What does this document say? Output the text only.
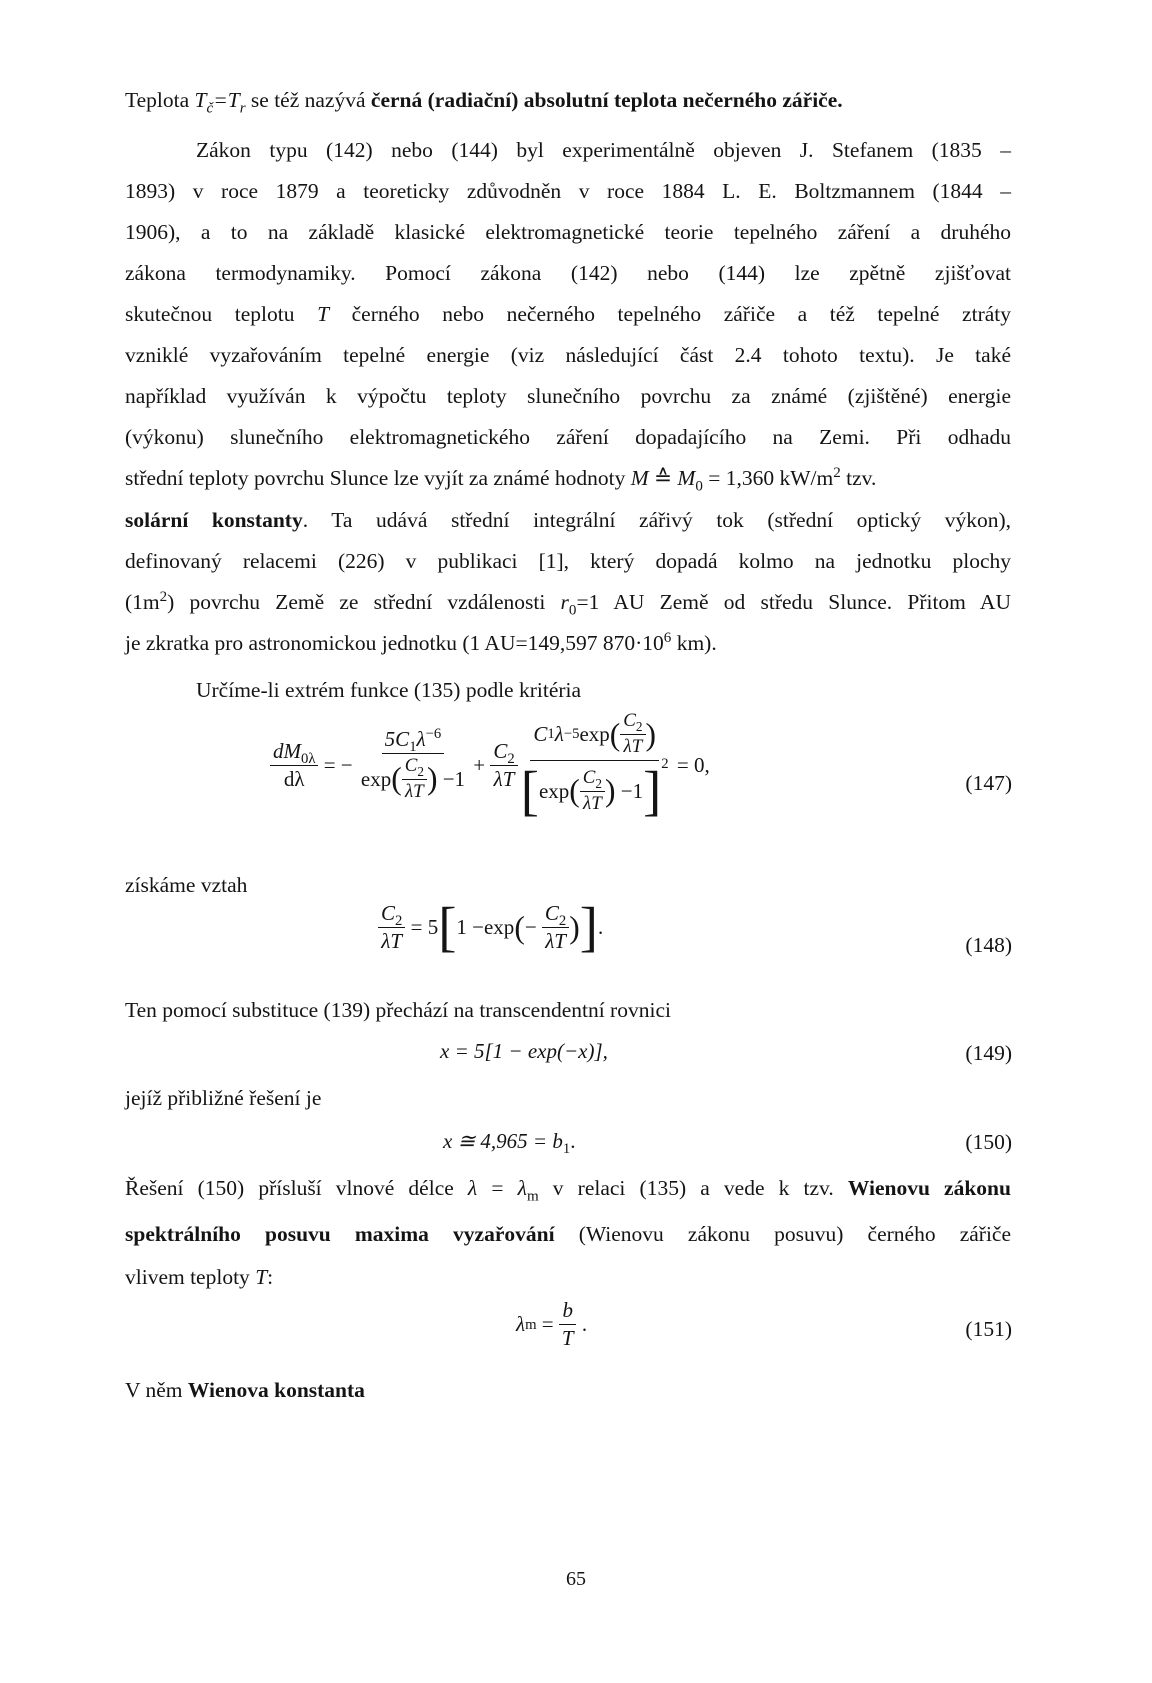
Teplota $T_č=T_r$ se též nazývá černá (radiační) absolutní teplota nečerného zářiče.
Zákon typu (142) nebo (144) byl experimentálně objeven J. Stefanem (1835 –
1893) v roce 1879 a teoreticky zdůvodněn v roce 1884 L. E. Boltzmannem (1844 –
1906), a to na základě klasické elektromagnetické teorie tepelného záření a druhého
zákona termodynamiky. Pomocí zákona (142) nebo (144) lze zpětně zjišťovat
skutečnou teplotu T černého nebo nečerného tepelného zářiče a též tepelné ztráty
vzniklé vyzařováním tepelné energie (viz následující část 2.4 tohoto textu). Je také
například využíván k výpočtu teploty slunečního povrchu za známé (zjištěné) energie
(výkonu) slunečního elektromagnetického záření dopadajícího na Zemi. Při odhadu
střední teploty povrchu Slunce lze vyjít za známé hodnoty M ≙ $M_0 = 1,360$ $kW/m^2$ tzv.
solární konstanty. Ta udává střední integrální zářivý tok (střední optický výkon),
definovaný relacemi (226) v publikaci [1], který dopadá kolmo na jednotku plochy
$(1m^2)$ povrchu Země ze střední vzdálenosti $r_0=1$ AU Země od středu Slunce. Přitom AU
je zkratka pro astronomickou jednotku (1 AU=149,597 $870\cdot 10^6$ km).
Určíme-li extrém funkce (135) podle kritéria
$\frac{dM_{0\lambda}}{d\lambda}$ = − $5C_1\lambda^{-6}$
exp ( $\frac{C_2}{\lambda T}$ )
$-1 + \frac{C_2}{\lambda T}$ C 1 λ −5 exp ( $\frac{C_2}{\lambda T}$ )
[ exp ( $\frac{C_2}{\lambda T}$ )
−1 ] 2 = 0,
(147)
získáme vztah
$\frac{C_2}{\lambda T} = 5$ [ 1 − exp ( − $\frac{C_2}{\lambda T}$ ) ] .
(148)
Ten pomocí substituce (139) přechází na transcendentní rovnici
x = 5[1 − exp(−x)],	(149)
jejíž přibližné řešení je
x ≅ $4,965 = b_1$.	(150)
Řešení (150) přísluší vlnové délce $\lambda = \lambda_m$ v relaci (135) a vede k tzv. Wienovu zákonu
spektrálního posuvu maxima vyzařování (Wienovu zákonu posuvu) černého zářiče
vlivem teploty T:
λ $m = \frac{b}{T}$ .	(151)
V něm Wienova konstanta
65
